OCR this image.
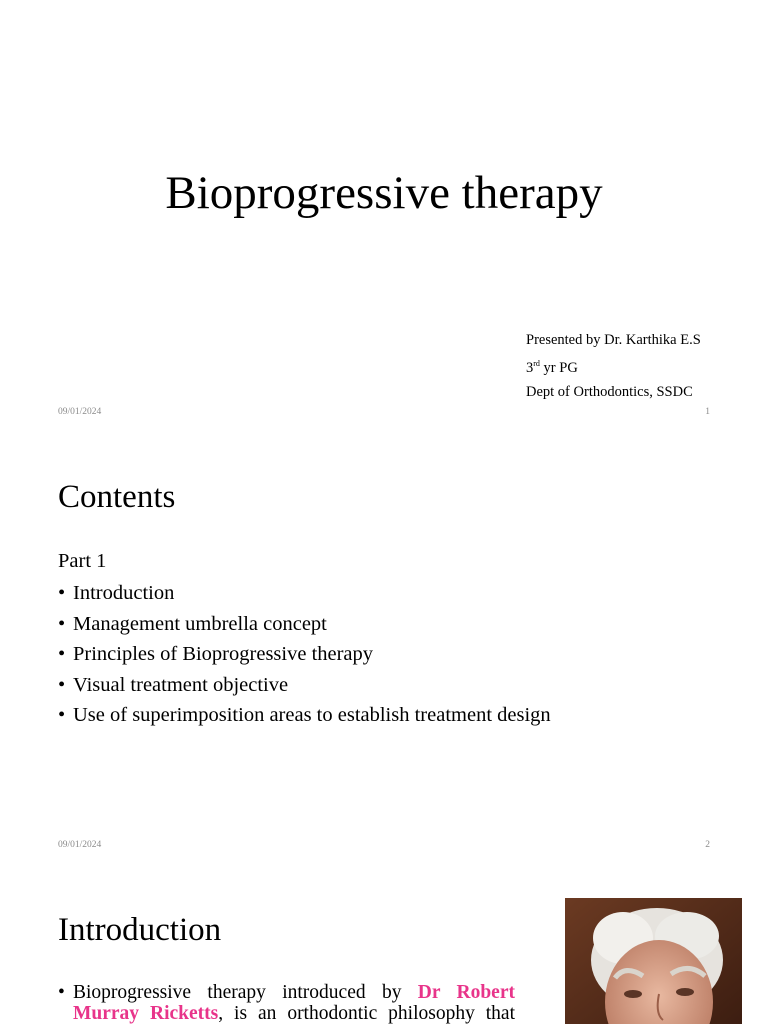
Bioprogressive therapy
Presented by Dr. Karthika E.S
3rd yr PG
Dept of Orthodontics, SSDC
09/01/2024	1
Contents
Part 1
• Introduction
• Management umbrella concept
• Principles of Bioprogressive therapy
• Visual treatment objective
• Use of superimposition areas to establish treatment design
09/01/2024	2
Introduction
• Bioprogressive therapy introduced by Dr Robert Murray Ricketts, is an orthodontic philosophy that
